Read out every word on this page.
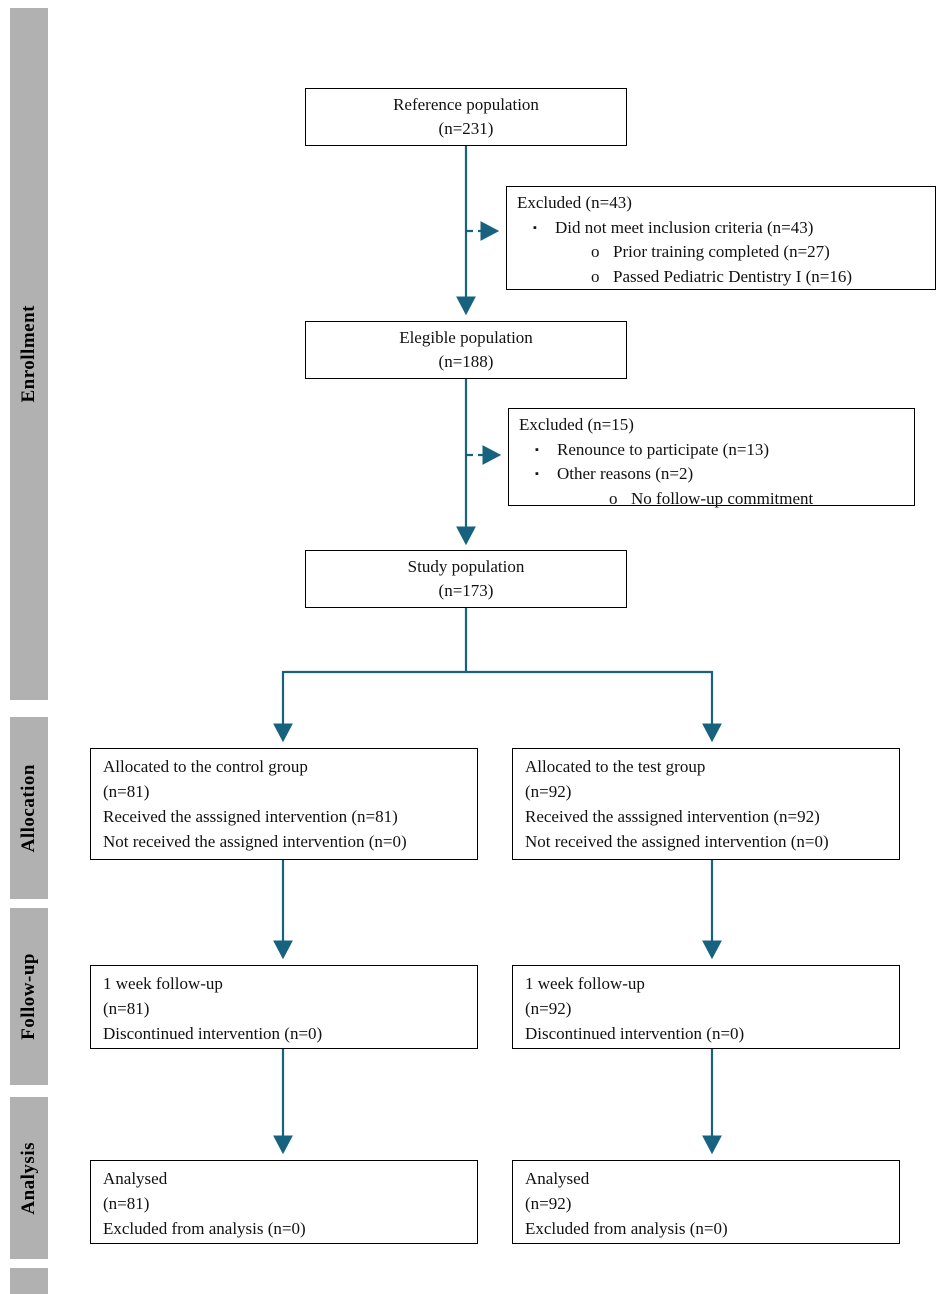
Enrollment
Allocation
Follow-up
Analysis
Reference population
(n=231)
Excluded (n=43)
▪	Did not meet inclusion criteria (n=43)
o Prior training completed (n=27)
o Passed Pediatric Dentistry I (n=16)
Elegible population
(n=188)
Excluded (n=15)
▪	Renounce to participate (n=13)
▪	Other reasons (n=2)
o No follow-up commitment
Study population
(n=173)
Allocated to the control group
(n=81)
Received the asssigned intervention (n=81)
Not received the assigned intervention (n=0)
Allocated to the test group
(n=92)
Received the asssigned intervention (n=92)
Not received the assigned intervention (n=0)
1 week follow-up
(n=81)
Discontinued intervention (n=0)
1 week follow-up
(n=92)
Discontinued intervention (n=0)
Analysed
(n=81)
Excluded from analysis (n=0)
Analysed
(n=92)
Excluded from analysis (n=0)
